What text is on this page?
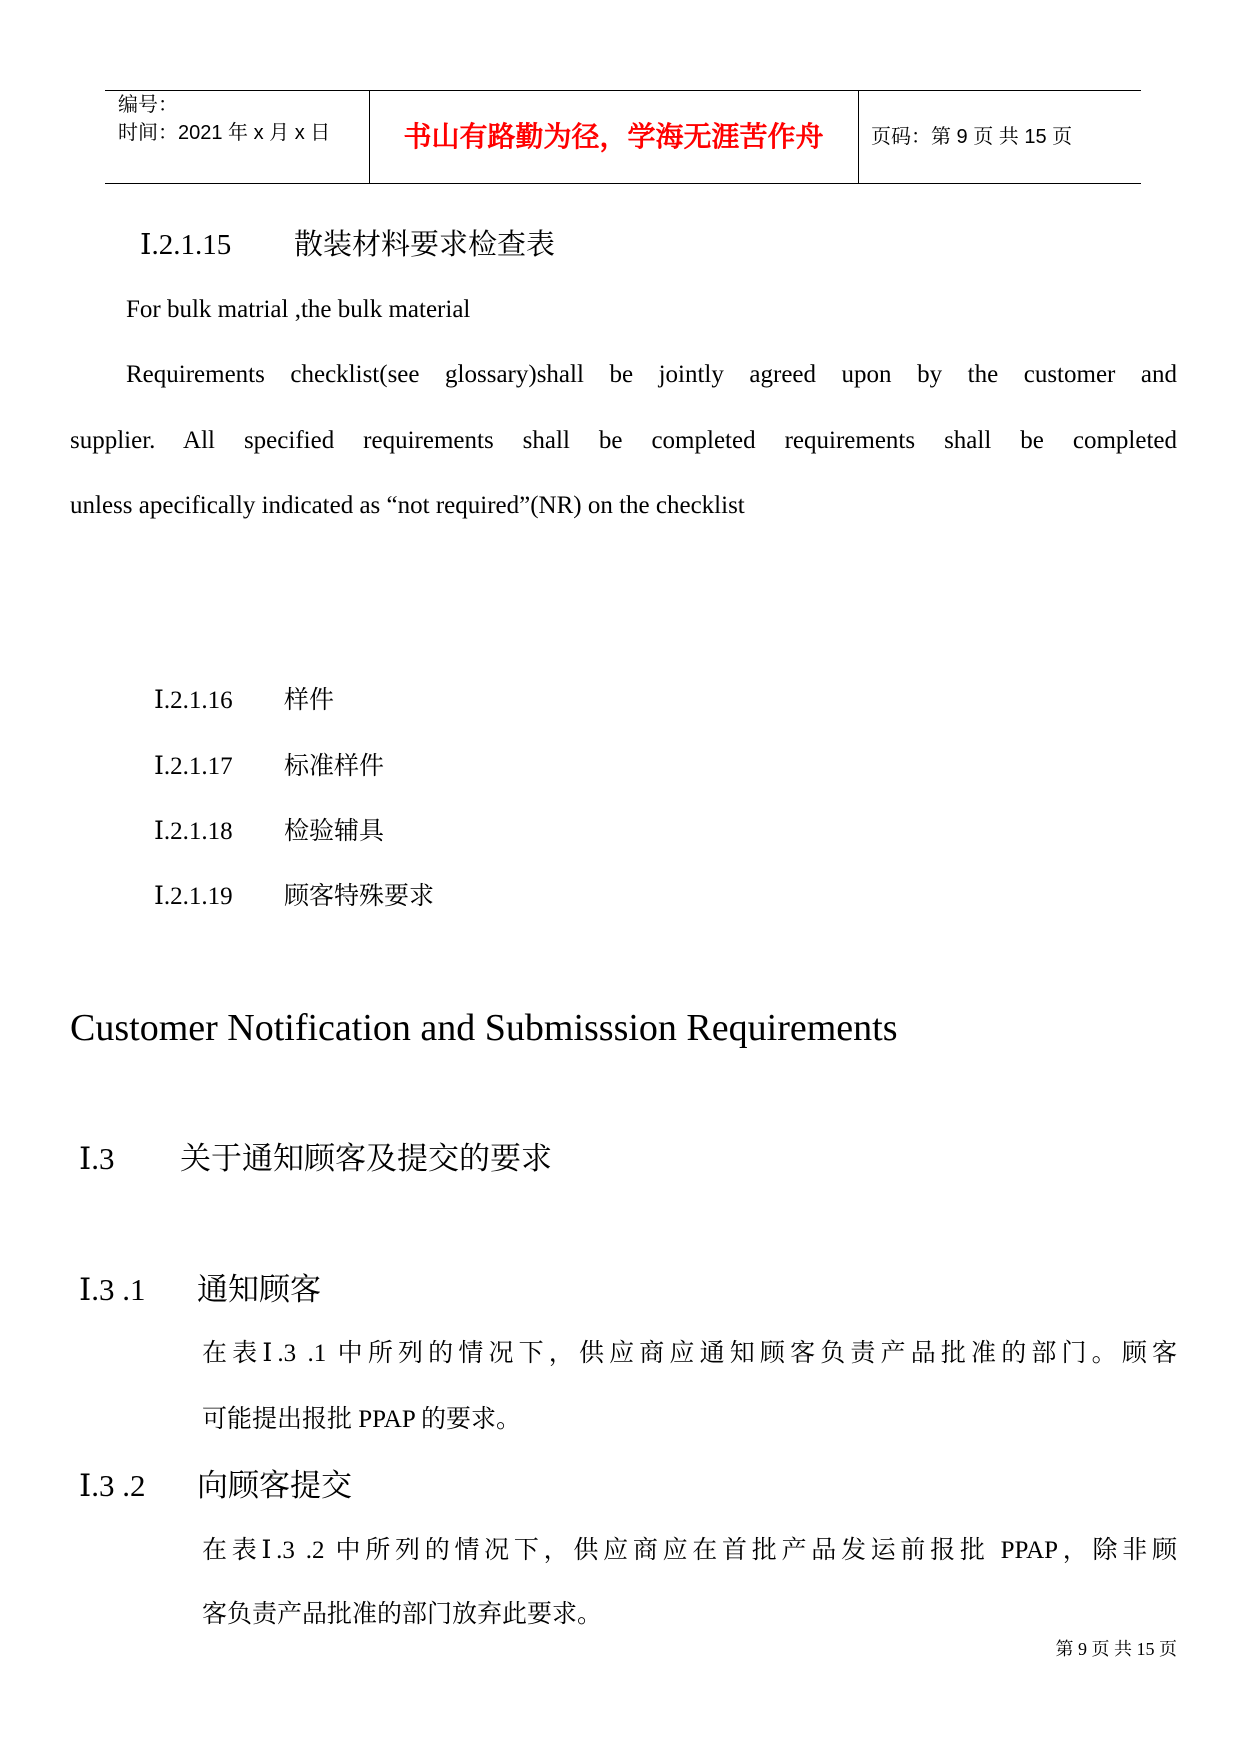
编号：
时间：2021 年 x 月 x 日	书山有路勤为径，学海无涯苦作舟	页码：第 9 页 共 15 页
Ⅰ.2.1.15 散装材料要求检查表
For bulk matrial ,the bulk material
Requirements checklist(see glossary)shall be jointly agreed upon by the customer and
supplier. All specified requirements shall be completed requirements shall be completed
unless apecifically indicated as “not required”(NR) on the checklist
Ⅰ.2.1.16 样件
Ⅰ.2.1.17 标准样件
Ⅰ.2.1.18 检验辅具
Ⅰ.2.1.19 顾客特殊要求
Customer Notification and Submisssion Requirements
Ⅰ.3 关于通知顾客及提交的要求
Ⅰ.3 .1 通知顾客
在表Ⅰ.3 .1 中所列的情况下，供应商应通知顾客负责产品批准的部门。顾客
可能提出报批 PPAP 的要求。
Ⅰ.3 .2 向顾客提交
在表Ⅰ.3 .2 中所列的情况下，供应商应在首批产品发运前报批 PPAP，除非顾
客负责产品批准的部门放弃此要求。
第 9 页 共 15 页
